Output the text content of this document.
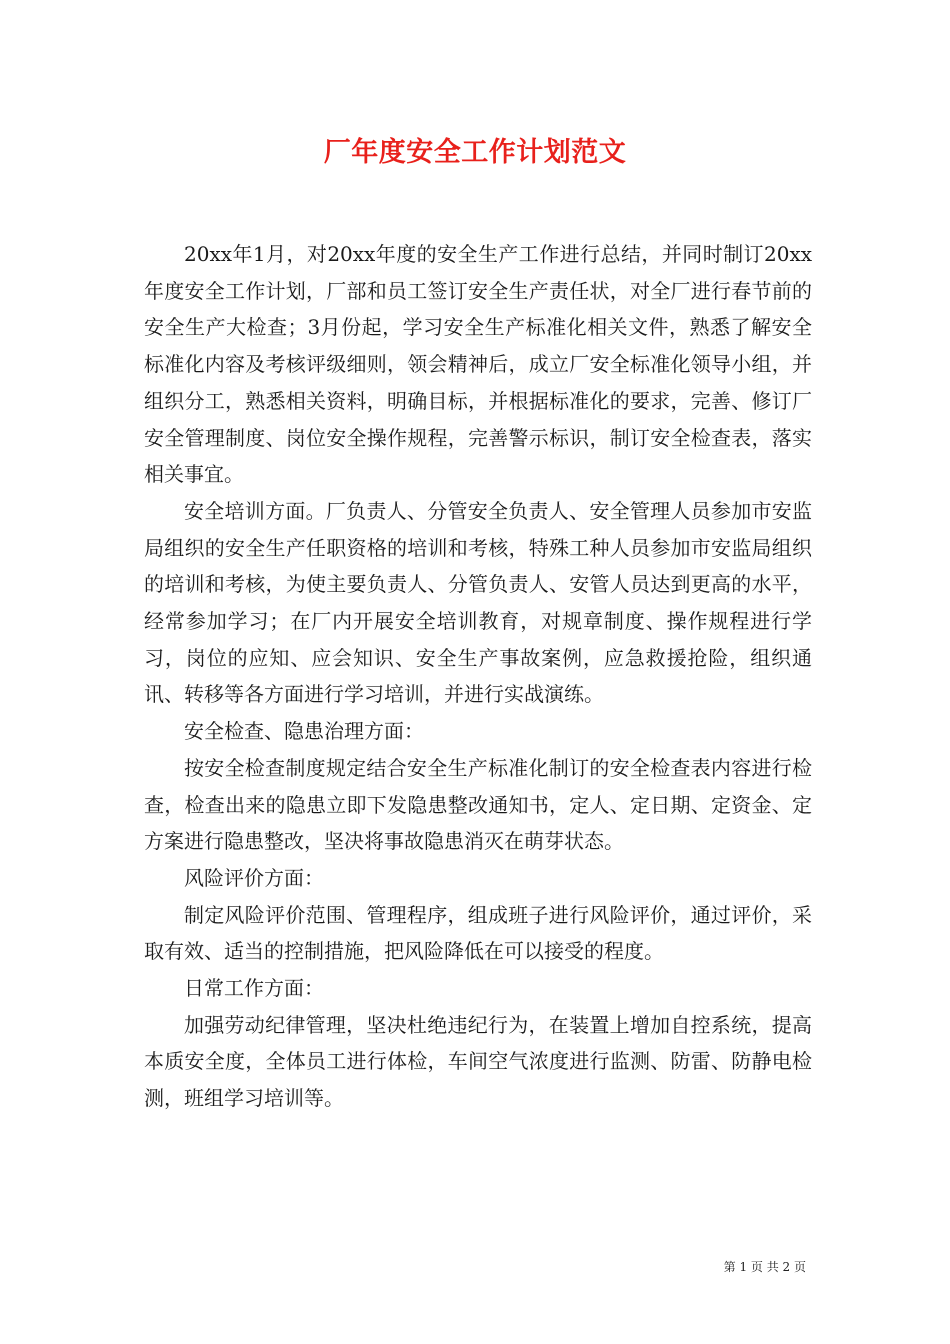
厂年度安全工作计划范文

20xx年1月，对20xx年度的安全生产工作进行总结，并同时制订20xx年度安全工作计划，厂部和员工签订安全生产责任状，对全厂进行春节前的安全生产大检查；3月份起，学习安全生产标准化相关文件，熟悉了解安全标准化内容及考核评级细则，领会精神后，成立厂安全标准化领导小组，并组织分工，熟悉相关资料，明确目标，并根据标准化的要求，完善、修订厂安全管理制度、岗位安全操作规程，完善警示标识，制订安全检查表，落实相关事宜。

安全培训方面。厂负责人、分管安全负责人、安全管理人员参加市安监局组织的安全生产任职资格的培训和考核，特殊工种人员参加市安监局组织的培训和考核，为使主要负责人、分管负责人、安管人员达到更高的水平，经常参加学习；在厂内开展安全培训教育，对规章制度、操作规程进行学习，岗位的应知、应会知识、安全生产事故案例，应急救援抢险，组织通讯、转移等各方面进行学习培训，并进行实战演练。

安全检查、隐患治理方面：

按安全检查制度规定结合安全生产标准化制订的安全检查表内容进行检查，检查出来的隐患立即下发隐患整改通知书，定人、定日期、定资金、定方案进行隐患整改，坚决将事故隐患消灭在萌芽状态。

风险评价方面：

制定风险评价范围、管理程序，组成班子进行风险评价，通过评价，采取有效、适当的控制措施，把风险降低在可以接受的程度。

日常工作方面：

加强劳动纪律管理，坚决杜绝违纪行为，在装置上增加自控系统，提高本质安全度，全体员工进行体检，车间空气浓度进行监测、防雷、防静电检测，班组学习培训等。

第 1 页 共 2 页
